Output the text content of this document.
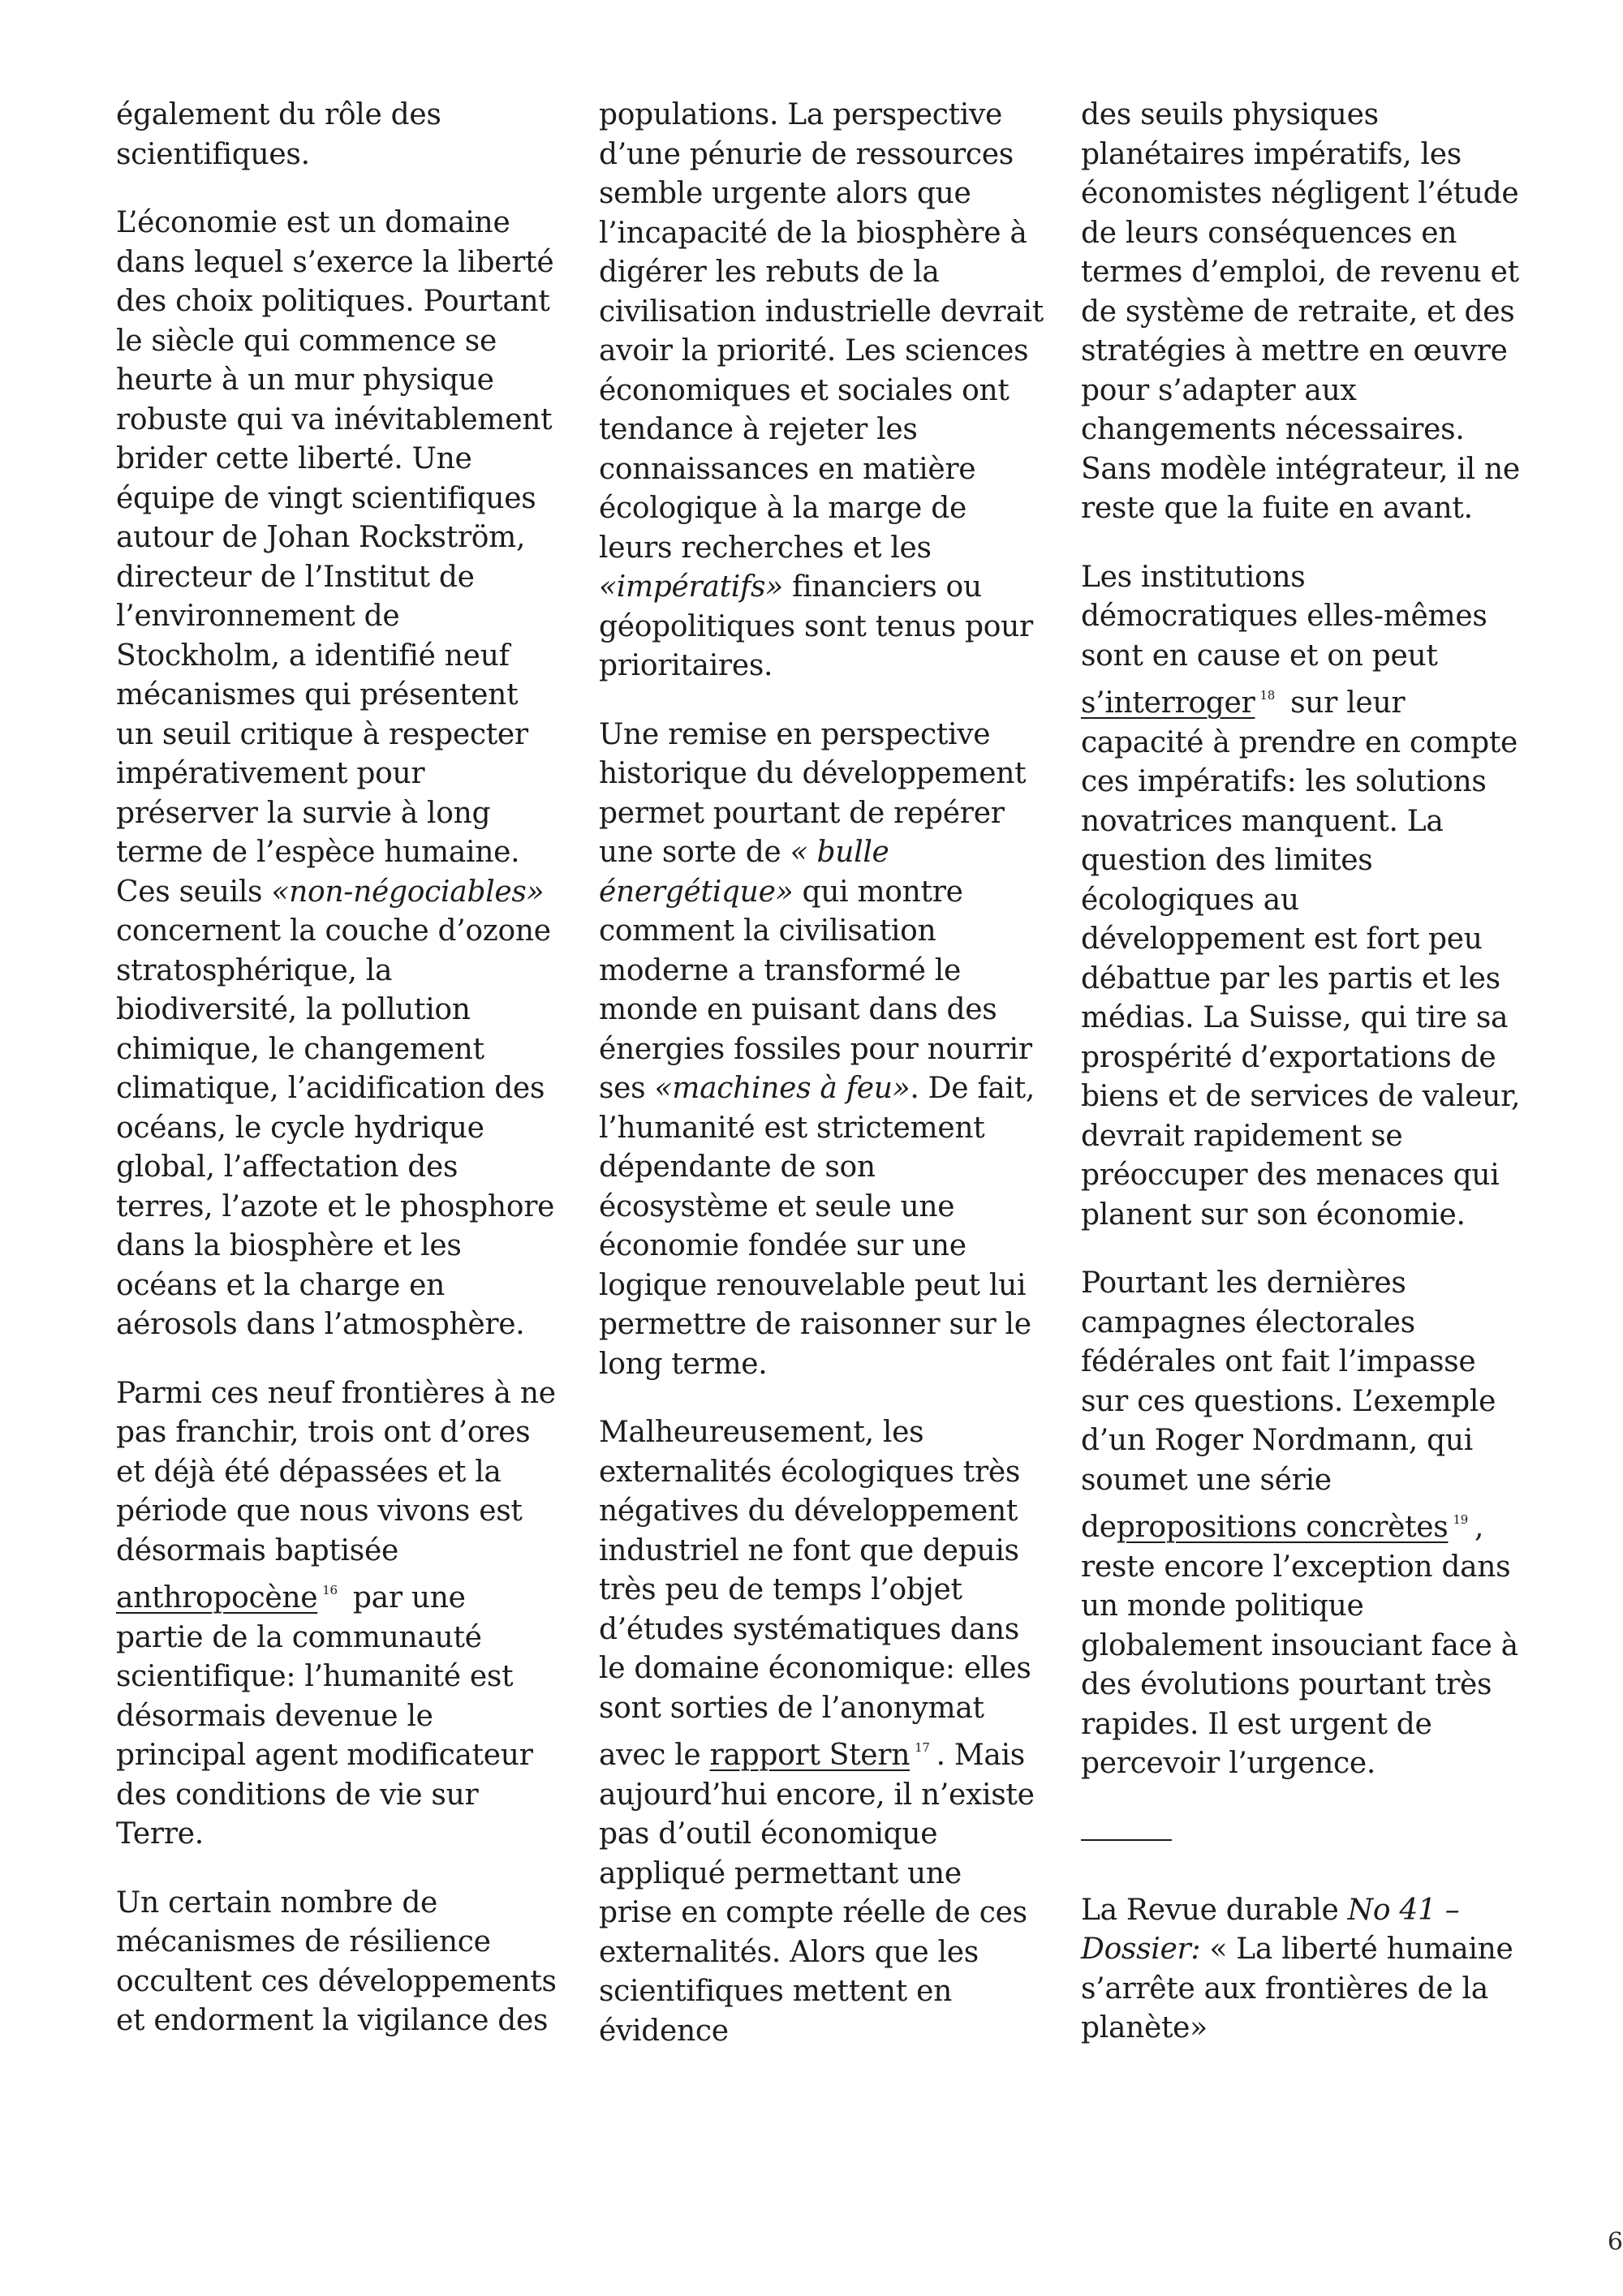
également du rôle des scientifiques.

L’économie est un domaine dans lequel s’exerce la liberté des choix politiques. Pourtant le siècle qui commence se heurte à un mur physique robuste qui va inévitablement brider cette liberté. Une équipe de vingt scientifiques autour de Johan Rockström, directeur de l’Institut de l’environnement de Stockholm, a identifié neuf mécanismes qui présentent un seuil critique à respecter impérativement pour préserver la survie à long terme de l’espèce humaine. Ces seuils «non-négociables» concernent la couche d’ozone stratosphérique, la biodiversité, la pollution chimique, le changement climatique, l’acidification des océans, le cycle hydrique global, l’affectation des terres, l’azote et le phosphore dans la biosphère et les océans et la charge en aérosols dans l’atmosphère.

Parmi ces neuf frontières à ne pas franchir, trois ont d’ores et déjà été dépassées et la période que nous vivons est désormais baptisée anthropocène $^{16}$ par une partie de la communauté scientifique: l’humanité est désormais devenue le principal agent modificateur des conditions de vie sur Terre.

Un certain nombre de mécanismes de résilience occultent ces développements et endorment la vigilance des

populations. La perspective d’une pénurie de ressources semble urgente alors que l’incapacité de la biosphère à digérer les rebuts de la civilisation industrielle devrait avoir la priorité. Les sciences économiques et sociales ont tendance à rejeter les connaissances en matière écologique à la marge de leurs recherches et les «impératifs» financiers ou géopolitiques sont tenus pour prioritaires.

Une remise en perspective historique du développement permet pourtant de repérer une sorte de « bulle énergétique» qui montre comment la civilisation moderne a transformé le monde en puisant dans des énergies fossiles pour nourrir ses «machines à feu». De fait, l’humanité est strictement dépendante de son écosystème et seule une économie fondée sur une logique renouvelable peut lui permettre de raisonner sur le long terme.

Malheureusement, les externalités écologiques très négatives du développement industriel ne font que depuis très peu de temps l’objet d’études systématiques dans le domaine économique: elles sont sorties de l’anonymat avec le rapport Stern $^{17}$ . Mais aujourd’hui encore, il n’existe pas d’outil économique appliqué permettant une prise en compte réelle de ces externalités. Alors que les scientifiques mettent en évidence

des seuils physiques planétaires impératifs, les économistes négligent l’étude de leurs conséquences en termes d’emploi, de revenu et de système de retraite, et des stratégies à mettre en œuvre pour s’adapter aux changements nécessaires. Sans modèle intégrateur, il ne reste que la fuite en avant.

Les institutions démocratiques elles-mêmes sont en cause et on peut s’interroger $^{18}$ sur leur capacité à prendre en compte ces impératifs: les solutions novatrices manquent. La question des limites écologiques au développement est fort peu débattue par les partis et les médias. La Suisse, qui tire sa prospérité d’exportations de biens et de services de valeur, devrait rapidement se préoccuper des menaces qui planent sur son économie.

Pourtant les dernières campagnes électorales fédérales ont fait l’impasse sur ces questions. L’exemple d’un Roger Nordmann, qui soumet une série depropositions concrètes $^{19}$ , reste encore l’exception dans un monde politique globalement insouciant face à des évolutions pourtant très rapides. Il est urgent de percevoir l’urgence.

La Revue durable No 41 – Dossier: « La liberté humaine s’arrête aux frontières de la planète»

6
